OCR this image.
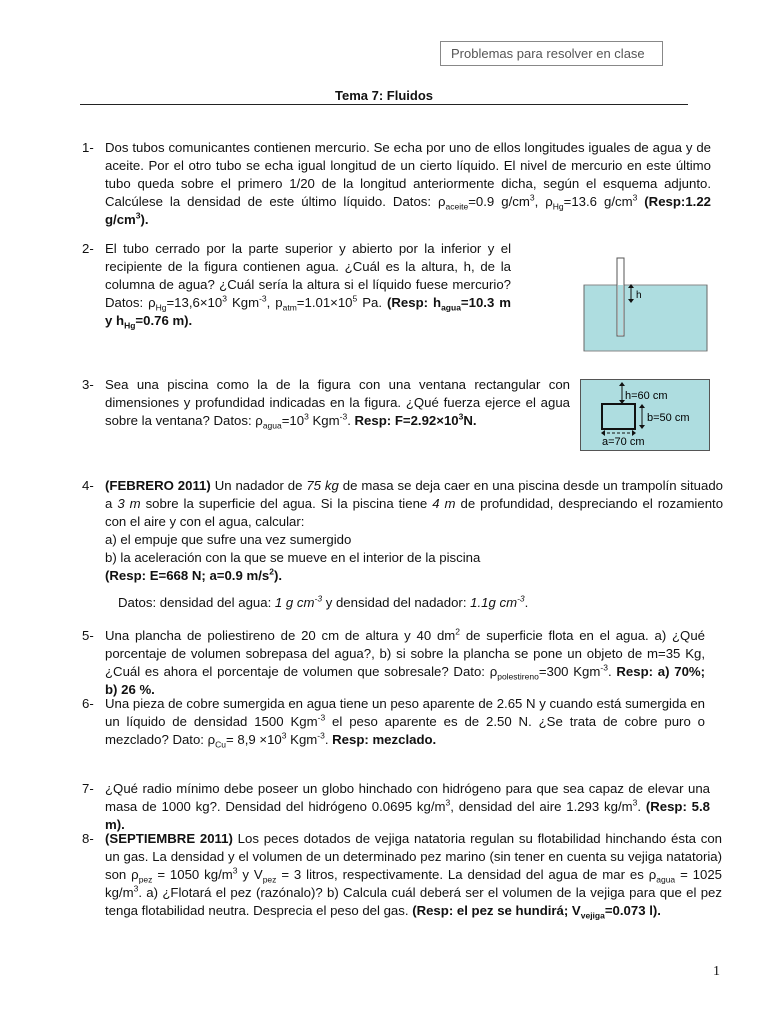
Problemas para resolver en clase
Tema 7: Fluidos
1- Dos tubos comunicantes contienen mercurio. Se echa por uno de ellos longitudes iguales de agua y de aceite. Por el otro tubo se echa igual longitud de un cierto líquido. El nivel de mercurio en este último tubo queda sobre el primero 1/20 de la longitud anteriormente dicha, según el esquema adjunto. Calcúlese la densidad de este último líquido. Datos: $\rho_{aceite}=0.9$ $g/cm^3$, $\rho_{Hg}=13.6$ $g/cm^3$ (Resp:1.22 $g/cm^3$).
2- El tubo cerrado por la parte superior y abierto por la inferior y el recipiente de la figura contienen agua. ¿Cuál es la altura, h, de la columna de agua? ¿Cuál sería la altura si el líquido fuese mercurio? Datos: $\rho_{Hg}=13,6\times 10^3$ Kgm$^{-3}$, $p_{atm}=1.01\times 10^5$ Pa. (Resp: $h_{agua}=10.3$ m y $h_{Hg}=0.76$ m).
h
3- Sea una piscina como la de la figura con una ventana rectangular con dimensiones y profundidad indicadas en la figura. ¿Qué fuerza ejerce el agua sobre la ventana? Datos: $\rho_{agua}=10^3$ Kgm$^{-3}$. Resp: $F=2.92\times 10^3N$.
h=60 cm
b=50 cm
a=70 cm
4- (FEBRERO 2011) Un nadador de 75 kg de masa se deja caer en una piscina desde un trampolín situado a 3 m sobre la superficie del agua. Si la piscina tiene 4 m de profundidad, despreciando el rozamiento con el aire y con el agua, calcular:
a) el empuje que sufre una vez sumergido
b) la aceleración con la que se mueve en el interior de la piscina
(Resp: E=668 N; a=0.9 $m/s^2$).
Datos: densidad del agua: 1 g $cm^{-3}$ y densidad del nadador: 1.1g $cm^{-3}$.
5- Una plancha de poliestireno de 20 cm de altura y 40 $dm^2$ de superficie flota en el agua. a) ¿Qué porcentaje de volumen sobrepasa del agua?, b) si sobre la plancha se pone un objeto de m=35 Kg, ¿Cuál es ahora el porcentaje de volumen que sobresale? Dato: $\rho_{polestireno}=300$ Kgm$^{-3}$. Resp: a) 70%; b) 26 %.
6- Una pieza de cobre sumergida en agua tiene un peso aparente de 2.65 N y cuando está sumergida en un líquido de densidad 1500 Kgm$^{-3}$ el peso aparente es de 2.50 N. ¿Se trata de cobre puro o mezclado? Dato: $\rho_{Cu}= 8,9 \times 10^3$ Kgm$^{-3}$. Resp: mezclado.
7- ¿Qué radio mínimo debe poseer un globo hinchado con hidrógeno para que sea capaz de elevar una masa de 1000 kg?. Densidad del hidrógeno 0.0695 $kg/m^3$, densidad del aire 1.293 $kg/m^3$. (Resp: 5.8 m).
8- (SEPTIEMBRE 2011) Los peces dotados de vejiga natatoria regulan su flotabilidad hinchando ésta con un gas. La densidad y el volumen de un determinado pez marino (sin tener en cuenta su vejiga natatoria) son $\rho_{pez} = 1050$ $kg/m^3$ y $V_{pez} = 3$ litros, respectivamente. La densidad del agua de mar es $\rho_{agua} = 1025$ $kg/m^3$. a) ¿Flotará el pez (razónalo)? b) Calcula cuál deberá ser el volumen de la vejiga para que el pez tenga flotabilidad neutra. Desprecia el peso del gas. (Resp: el pez se hundirá; $V_{vejiga}=0.073$ l).
1
